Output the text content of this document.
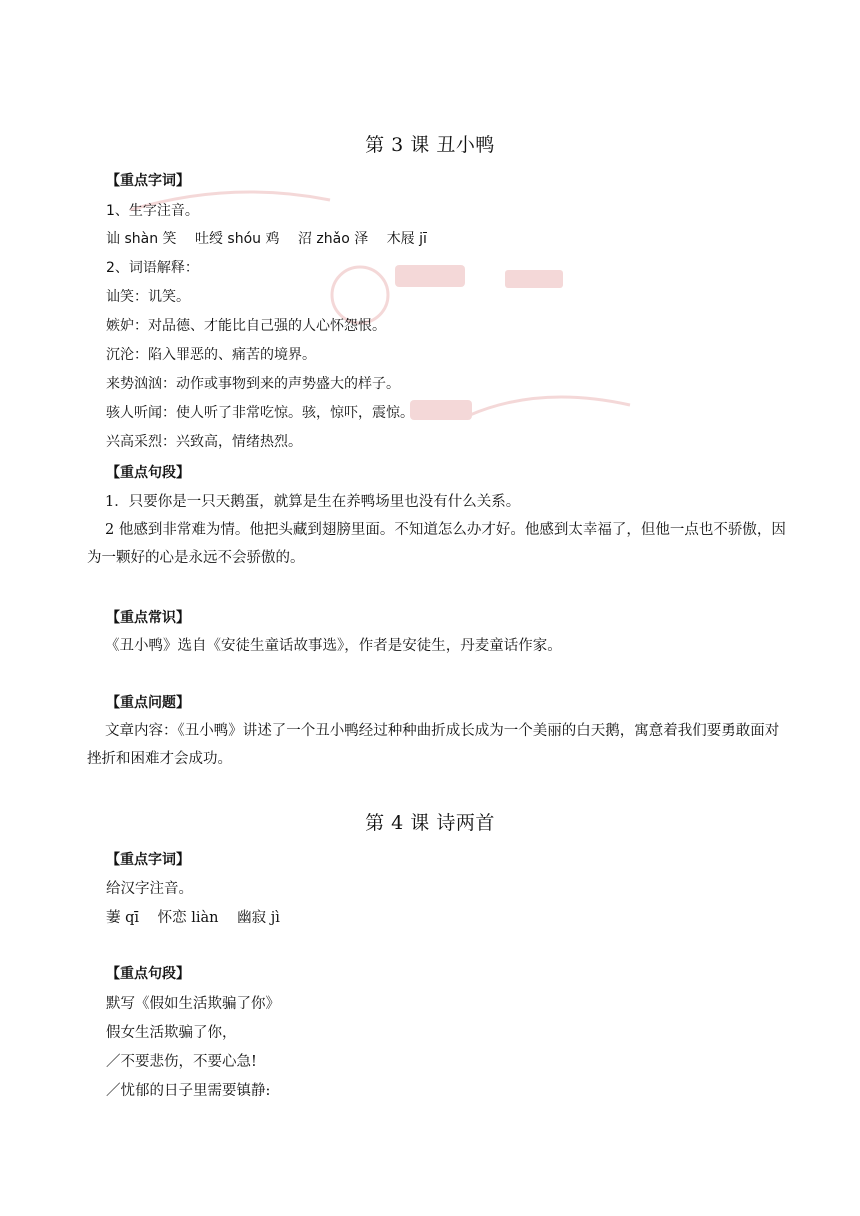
第 3 课 丑小鸭
【重点字词】
1、生字注音。
讪 shàn 笑 吐绶 shóu 鸡 沼 zhǎo 泽 木屐 jī
2、词语解释：
讪笑：讥笑。
嫉妒：对品德、才能比自己强的人心怀怨恨。
沉沦：陷入罪恶的、痛苦的境界。
来势汹汹：动作或事物到来的声势盛大的样子。
骇人听闻：使人听了非常吃惊。骇，惊吓，震惊。
兴高采烈：兴致高，情绪热烈。
【重点句段】
1．只要你是一只天鹅蛋，就算是生在养鸭场里也没有什么关系。
2 他感到非常难为情。他把头藏到翅膀里面。不知道怎么办才好。他感到太幸福了，但他一点也不骄傲，因为一颗好的心是永远不会骄傲的。
【重点常识】
《丑小鸭》选自《安徒生童话故事选》，作者是安徒生，丹麦童话作家。
【重点问题】
文章内容：《丑小鸭》讲述了一个丑小鸭经过种种曲折成长成为一个美丽的白天鹅，寓意着我们要勇敢面对挫折和困难才会成功。
第 4 课 诗两首
【重点字词】
给汉字注音。
萋 qī 怀恋 liàn 幽寂 jì
【重点句段】
默写《假如生活欺骗了你》
假女生活欺骗了你，
／不要悲伤，不要心急!
／忧郁的日子里需要镇静:
